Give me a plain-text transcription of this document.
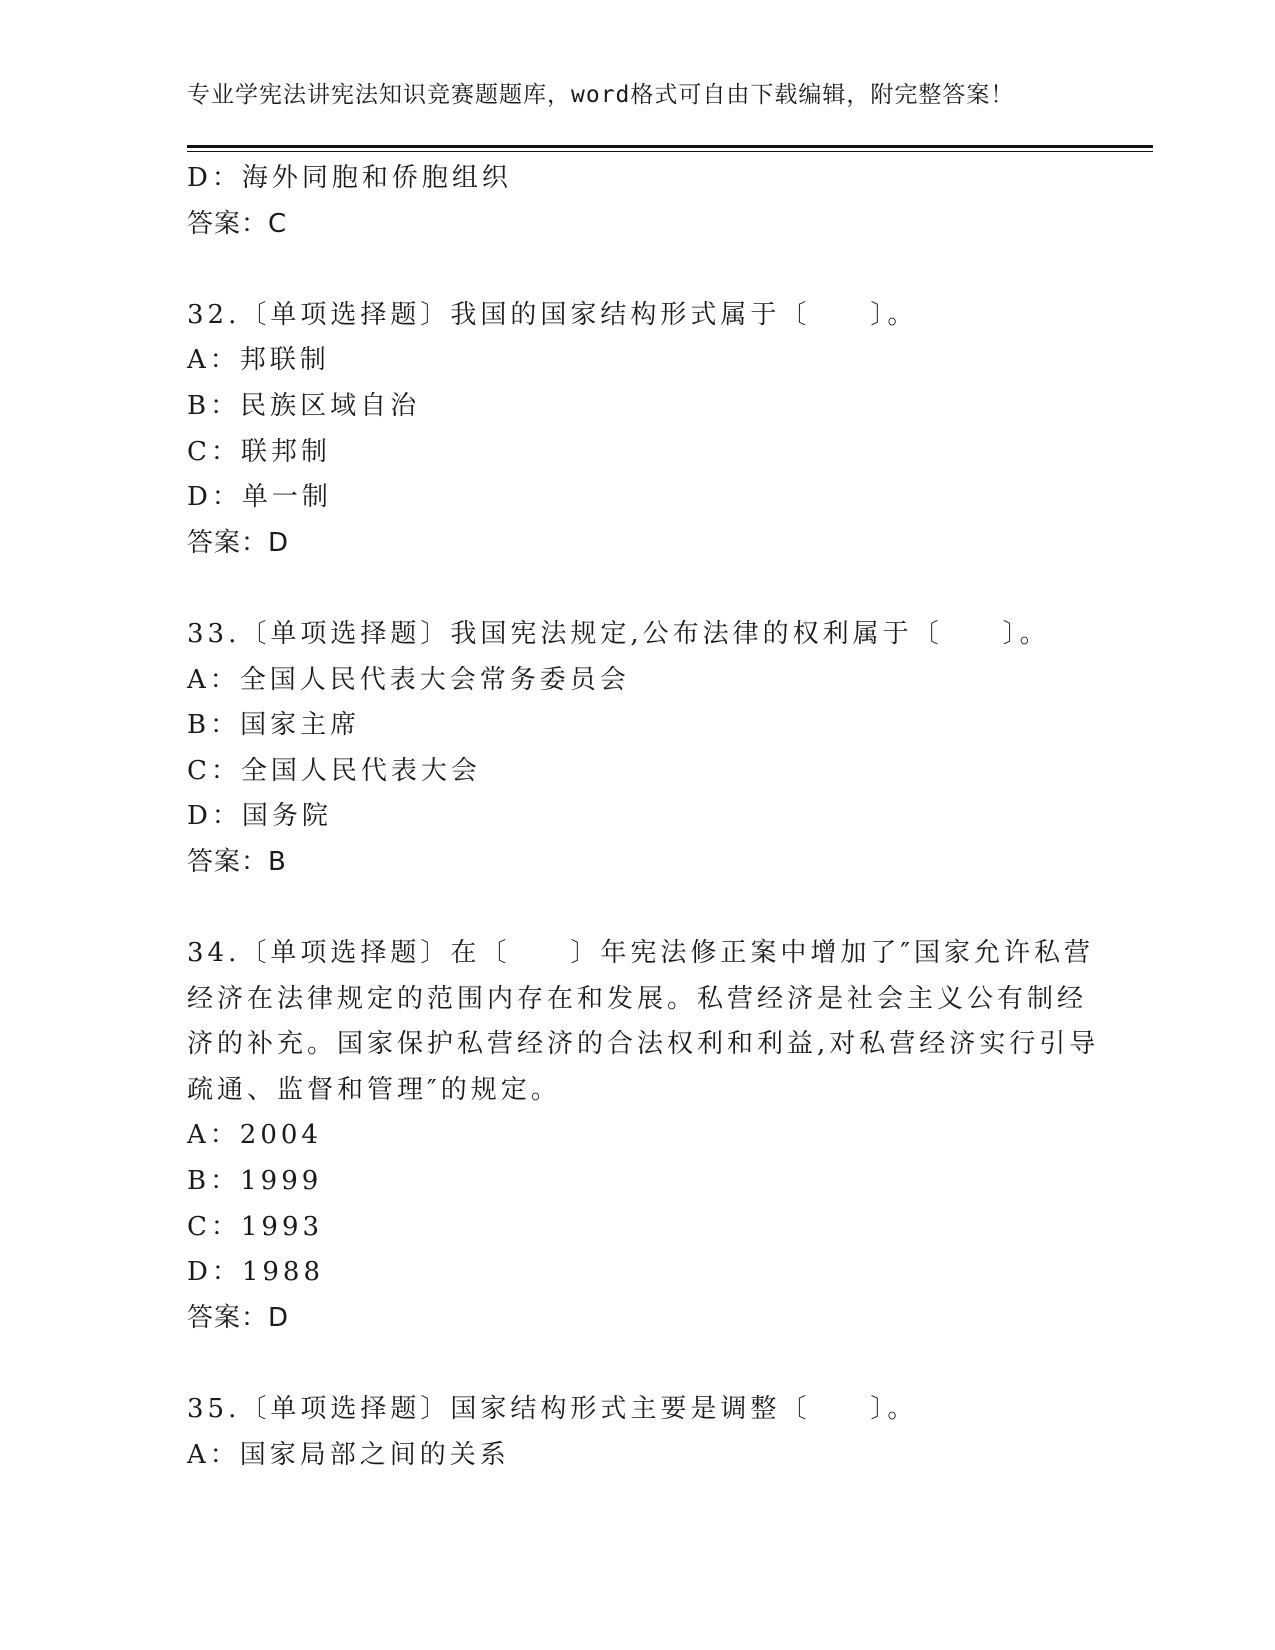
专业学宪法讲宪法知识竞赛题题库，word格式可自由下载编辑，附完整答案！
D：海外同胞和侨胞组织
答案：C
32.〔单项选择题〕我国的国家结构形式属于〔　　〕。
A：邦联制
B：民族区域自治
C：联邦制
D：单一制
答案：D
33.〔单项选择题〕我国宪法规定,公布法律的权利属于〔　　〕。
A：全国人民代表大会常务委员会
B：国家主席
C：全国人民代表大会
D：国务院
答案：B
34.〔单项选择题〕在〔　　〕年宪法修正案中增加了″国家允许私营
经济在法律规定的范围内存在和发展。私营经济是社会主义公有制经
济的补充。国家保护私营经济的合法权利和利益,对私营经济实行引导
疏通、监督和管理″的规定。
A：2004
B：1999
C：1993
D：1988
答案：D
35.〔单项选择题〕国家结构形式主要是调整〔　　〕。
A：国家局部之间的关系
